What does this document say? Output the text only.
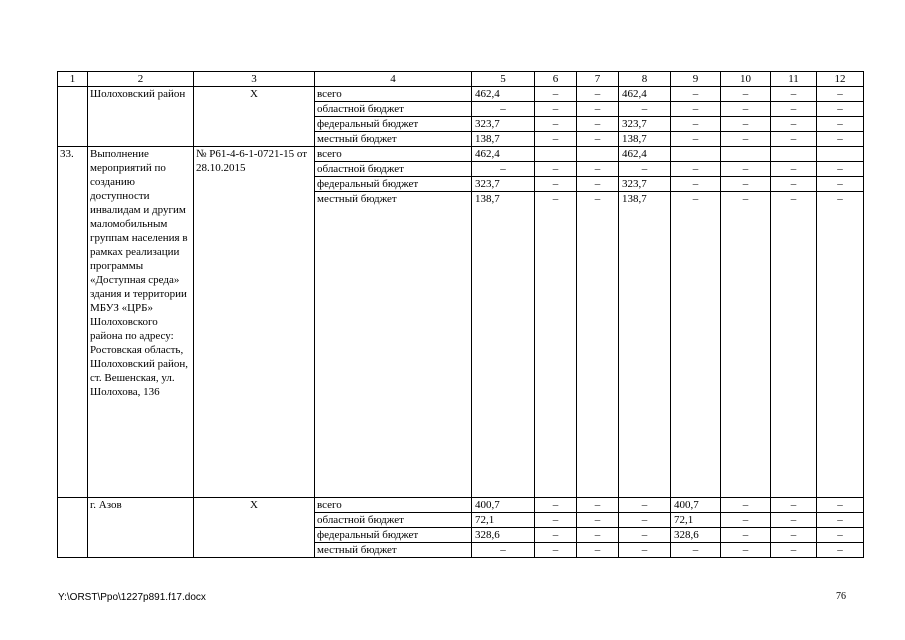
1	2	3	4	5	6	7	8	9	10	11	12
	Шолоховский район	Х	всего	462,4	–	–	462,4	–	–	–	–
			областной бюджет	–	–	–	–	–	–	–	–
			федеральный бюджет	323,7	–	–	323,7	–	–	–	–
			местный бюджет	138,7	–	–	138,7	–	–	–	–
33.	Выполнение мероприятий по созданию доступности инвалидам и другим маломобильным группам населения в рамках реализации программы «Доступная среда» здания и территории МБУЗ «ЦРБ» Шолоховского района по адресу: Ростовская область, Шолоховский район, ст. Вешенская, ул. Шолохова, 136	№ Р61-4-6-1-0721-15 от 28.10.2015	всего	462,4			462,4				
			областной бюджет	–	–	–	–	–	–	–	–
			федеральный бюджет	323,7	–	–	323,7	–	–	–	–
			местный бюджет	138,7	–	–	138,7	–	–	–	–
	г. Азов	Х	всего	400,7	–	–	–	400,7	–	–	–
			областной бюджет	72,1	–	–	–	72,1	–	–	–
			федеральный бюджет	328,6	–	–	–	328,6	–	–	–
			местный бюджет	–	–	–	–	–	–	–	–
Y:\ORST\Ppo\1227p891.f17.docx	76
